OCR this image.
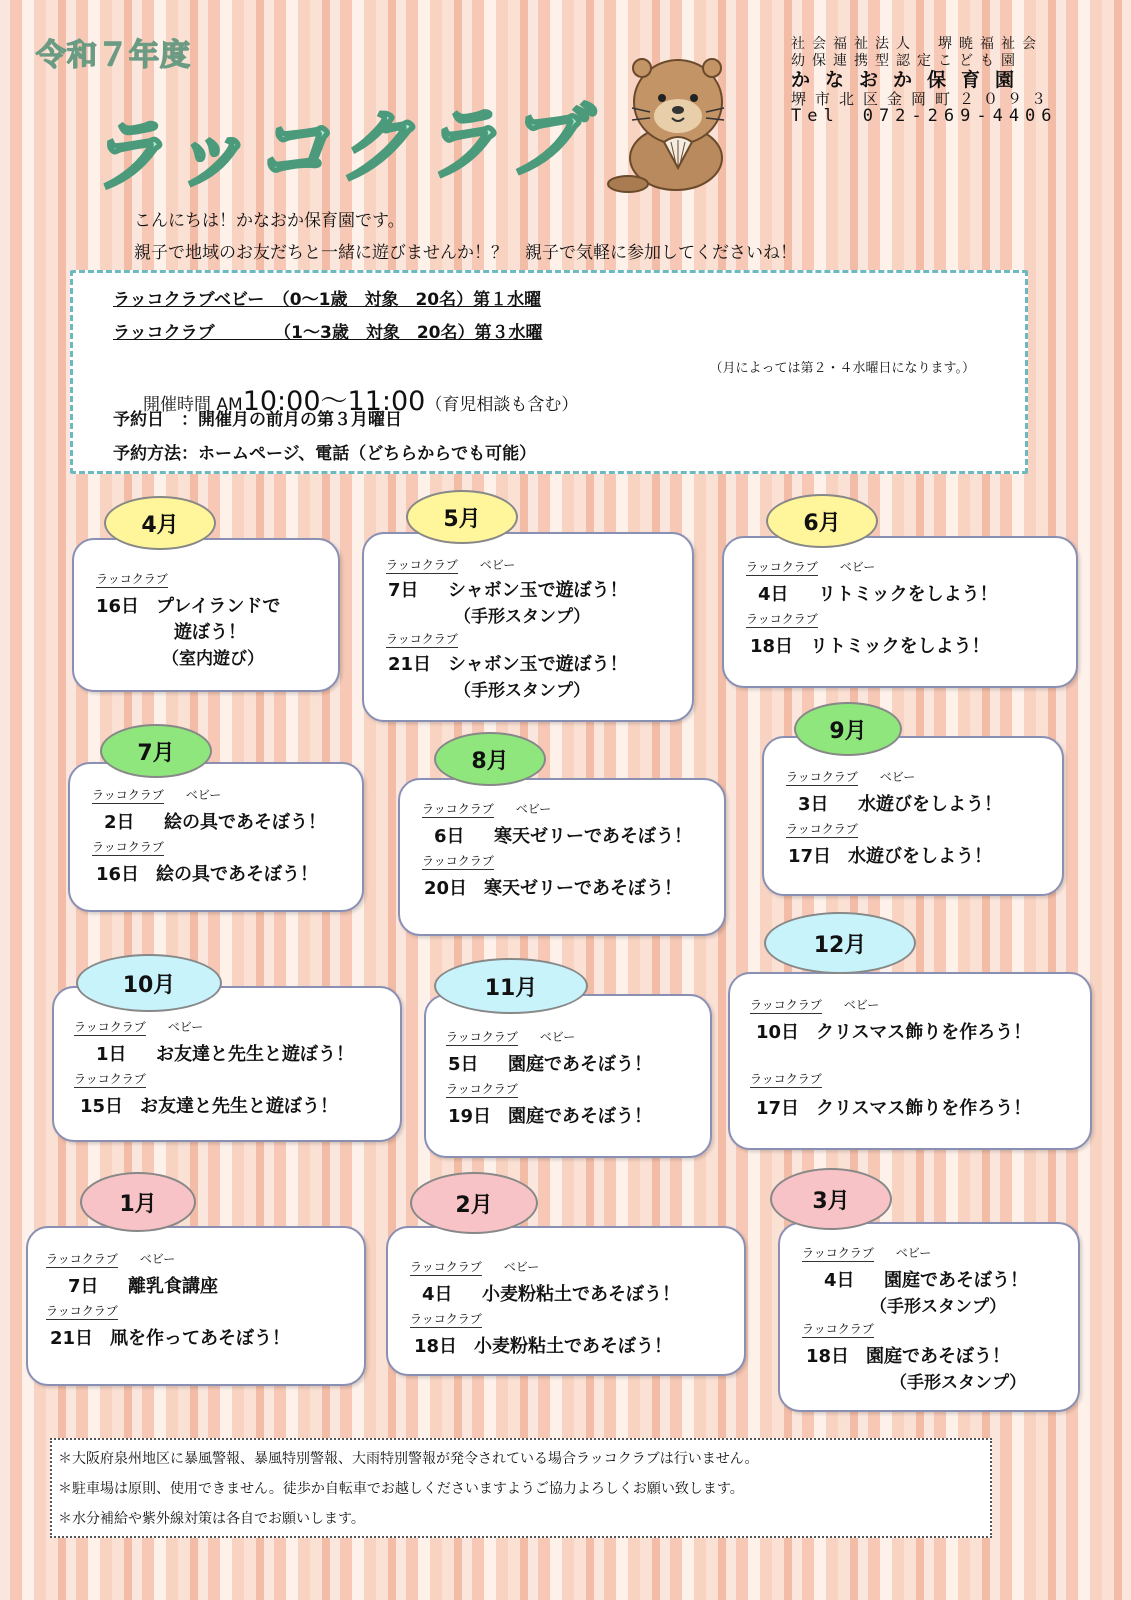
令和７年度
ラッコクラブ
社会福祉法人　堺暁福祉会
幼保連携型認定こども園
かなおか保育園
堺市北区金岡町２０９３
Tel　072-269-4406
こんにちは！かなおか保育園です。
親子で地域のお友だちと一緒に遊びませんか！？　親子で気軽に参加してくださいね！
ラッコクラブベビー　（0～1歳　対象　20名）第１水曜
ラッコクラブ　　　　（1～3歳　対象　20名）第３水曜
（月によっては第２・４水曜日になります。）
開催時間 AM10:00～11:00（育児相談も含む）
予約日　：開催月の前月の第３月曜日
予約方法：ホームページ、電話（どちらからでも可能）
4月
ラッコクラブ
16日 プレイランドで
遊ぼう！
（室内遊び）
5月
ラッコクラブ ベビー
7日 シャボン玉で遊ぼう！
（手形スタンプ）
ラッコクラブ
21日 シャボン玉で遊ぼう！
（手形スタンプ）
6月
ラッコクラブ ベビー
4日 リトミックをしよう！
ラッコクラブ
18日 リトミックをしよう！
7月
ラッコクラブ ベビー
2日 絵の具であそぼう！
ラッコクラブ
16日 絵の具であそぼう！
8月
ラッコクラブ ベビー
6日 寒天ゼリーであそぼう！
ラッコクラブ
20日 寒天ゼリーであそぼう！
9月
ラッコクラブ ベビー
3日 水遊びをしよう！
ラッコクラブ
17日 水遊びをしよう！
10月
ラッコクラブ ベビー
1日 お友達と先生と遊ぼう！
ラッコクラブ
15日 お友達と先生と遊ぼう！
11月
ラッコクラブ ベビー
5日 園庭であそぼう！
ラッコクラブ
19日 園庭であそぼう！
12月
ラッコクラブ ベビー
10日 クリスマス飾りを作ろう！
ラッコクラブ
17日 クリスマス飾りを作ろう！
1月
ラッコクラブ ベビー
7日 離乳食講座
ラッコクラブ
21日 凧を作ってあそぼう！
2月
ラッコクラブ ベビー
4日 小麦粉粘土であそぼう！
ラッコクラブ
18日 小麦粉粘土であそぼう！
3月
ラッコクラブ ベビー
4日 園庭であそぼう！
（手形スタンプ）
ラッコクラブ
18日 園庭であそぼう！
（手形スタンプ）
＊大阪府泉州地区に暴風警報、暴風特別警報、大雨特別警報が発令されている場合ラッコクラブは行いません。
＊駐車場は原則、使用できません。徒歩か自転車でお越しくださいますようご協力よろしくお願い致します。
＊水分補給や紫外線対策は各自でお願いします。
